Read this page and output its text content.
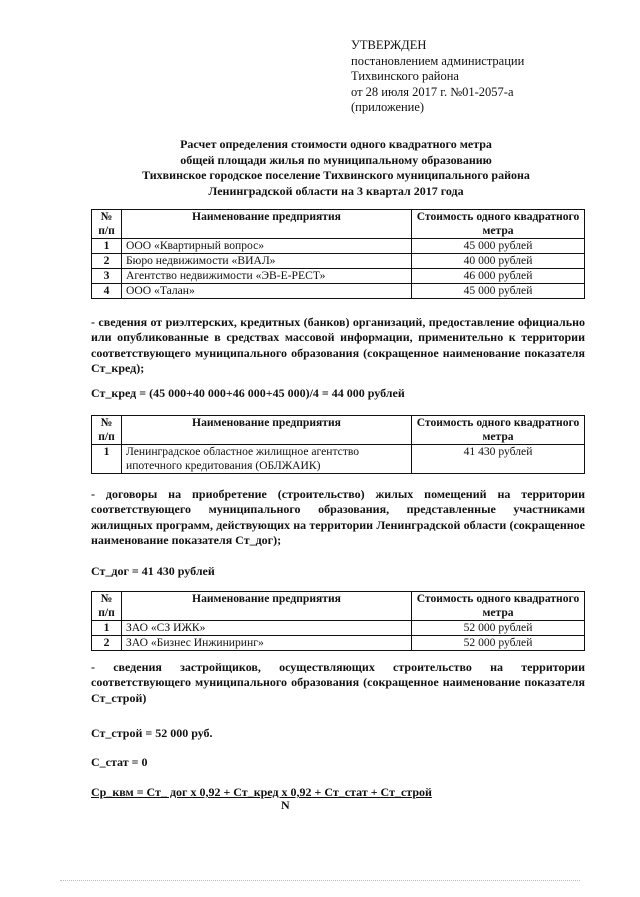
УТВЕРЖДЕН
постановлением администрации
Тихвинского района
от 28 июля 2017 г. №01-2057-а
(приложение)
Расчет определения стоимости одного квадратного метра
общей площади жилья по муниципальному образованию
Тихвинское городское поселение Тихвинского муниципального района
Ленинградской области на 3 квартал 2017 года
№ п/п	Наименование предприятия	Стоимость одного квадратного метра
1	ООО «Квартирный вопрос»	45 000 рублей
2	Бюро недвижимости «ВИАЛ»	40 000 рублей
3	Агентство недвижимости «ЭВ-Е-РЕСТ»	46 000 рублей
4	ООО «Талан»	45 000 рублей
- сведения от риэлтерских, кредитных (банков) организаций, предоставление официально или опубликованные в средствах массовой информации, применительно к территории соответствующего муниципального образования (сокращенное наименование показателя Ст_кред);
Ст_кред = (45 000+40 000+46 000+45 000)/4 = 44 000 рублей
№ п/п	Наименование предприятия	Стоимость одного квадратного метра
1	Ленинградское областное жилищное агентство ипотечного кредитования (ОБЛЖАИК)	41 430 рублей
- договоры на приобретение (строительство) жилых помещений на территории соответствующего муниципального образования, представленные участниками жилищных программ, действующих на территории Ленинградской области (сокращенное наименование показателя Ст_дог);
Ст_дог = 41 430 рублей
№ п/п	Наименование предприятия	Стоимость одного квадратного метра
1	ЗАО «СЗ ИЖК»	52 000 рублей
2	ЗАО «Бизнес Инжиниринг»	52 000 рублей
- сведения застройщиков, осуществляющих строительство на территории соответствующего муниципального образования (сокращенное наименование показателя Ст_строй)
Ст_строй = 52 000 руб.
С_стат = 0
Ср_квм = Ст_ дог х 0,92 + Ст_кред х 0,92 + Ст_стат + Ст_строй
N
